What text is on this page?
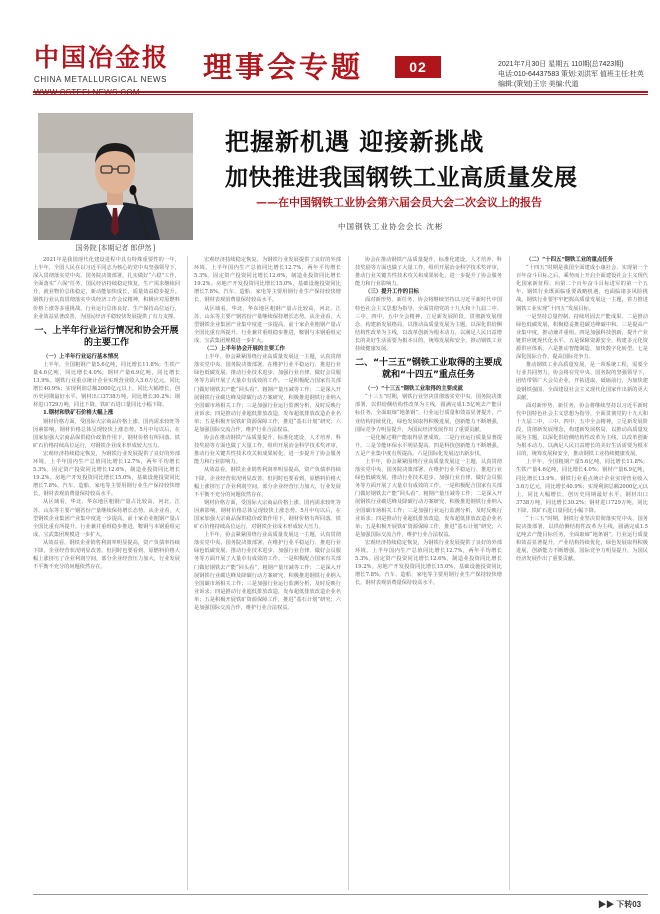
中国冶金报
CHINA METALLURGICAL NEWS	理事会专题	02	2021年7月30日 星期五 110期(总7423期)
电话:010-64437583 策划:刘洪军 值班主任:杜英
编辑:(策划)王宗 美编:代道
国务院 [本期记者 郎伊然 ]
把握新机遇 迎接新挑战
加快推进我国钢铁工业高质量发展
——在中国钢铁工业协会第六届会员大会二次会议上的报告
中国钢铁工业协会会长 沈彬

2021年是我国现代化建设进程中具有特殊重要性的一年，上半年，全国人民在以习近平同志为核心的党中央坚强领导下，深入贯彻落实党中央、国务院决策部署，扎实做好“六稳”工作，全面落实“六保”任务，国民经济持续稳定恢复，生产需求继续回升，就业物价总体稳定，新动能加快成长，质量效益稳步提升。钢铁行业认真贯彻落实中央经济工作会议精神，积极应对原燃料价格上涨等多重挑战，行业运行总体良好，生产保持高位运行，企业效益显著改善，为国民经济平稳较快发展提供了有力支撑。

一、上半年行业运行情况和协会开展的主要工作

（一）上半年行业运行基本情况

上半年，全国粗钢产量5.6亿吨，同比增长11.8%；生铁产量4.6亿吨，同比增长4.0%；钢材产量6.9亿吨，同比增长13.9%。钢铁行业重点统计企业实现营业收入3.6万亿元，同比增长40.9%；实现利润总额2000亿元以上，同比大幅增长，创历史同期最好水平。钢材出口3738万吨，同比增长30.2%；钢材进口729万吨，同比下降。铁矿石进口量同比小幅下降。

1.钢材和铁矿石价格大幅上涨

钢材价格方面，受国际大宗商品价格上涨、国内需求较旺等因素影响，钢材价格总体呈现较快上涨态势。5月中旬以后，在国家加强大宗商品保供稳价政策作用下，钢材价格有所回落。铁矿石价格持续高位运行，对钢铁企业成本形成较大压力。

宏观经济持续稳定恢复，为钢铁行业发展提供了良好的外部环境。上半年国内生产总值同比增长12.7%，两年平均增长5.3%。固定资产投资同比增长12.6%，制造业投资同比增长19.2%。房地产开发投资同比增长15.0%，基础设施投资同比增长7.8%。汽车、造船、家电等主要用钢行业生产保持较快增长，钢材表观消费量保持较高水平。

从区域看，华北、华东地区粗钢产量占比较高，河北、江苏、山东等主要产钢省份产量继续保持增长态势。从企业看，大型钢铁企业集团产业集中度进一步提高，前十家企业粗钢产量占全国比重有所提升。行业兼并重组稳步推进，鞍钢与本钢重组完成，宝武集团规模进一步扩大。

从效益看，钢铁企业销售利润率明显提高，资产负债率持续下降，企业经营状况明显改善。但同时也要看到，原燃料价格大幅上涨挤压了企业利润空间，部分企业经营压力加大，行业发展不平衡不充分的问题依然存在。

宏观经济持续稳定恢复，为钢铁行业发展提供了良好的外部环境。上半年国内生产总值同比增长12.7%，两年平均增长5.3%。固定资产投资同比增长12.6%，制造业投资同比增长19.2%。房地产开发投资同比增长15.0%，基础设施投资同比增长7.8%。汽车、造船、家电等主要用钢行业生产保持较快增长，钢材表观消费量保持较高水平。

从区域看，华北、华东地区粗钢产量占比较高，河北、江苏、山东等主要产钢省份产量继续保持增长态势。从企业看，大型钢铁企业集团产业集中度进一步提高，前十家企业粗钢产量占全国比重有所提升。行业兼并重组稳步推进，鞍钢与本钢重组完成，宝武集团规模进一步扩大。

（二）上半年协会开展的主要工作

上半年，协会紧紧围绕行业高质量发展这一主题，认真贯彻落实党中央、国务院决策部署，在维护行业平稳运行、推进行业绿色低碳发展、推动行业技术进步、加强行业自律、做好会员服务等方面开展了大量卓有成效的工作。一是积极配合国家有关部门做好钢铁去产能“回头看”、粗钢产量压减等工作；二是深入开展钢铁行业碳达峰及降碳行动方案研究，积极推进钢铁行业纳入全国碳市场相关工作；三是加强行业运行监测分析，及时反映行业诉求；四是推动行业超低排放改造，发布超低排放改造企业名单；五是积极开展铁矿资源保障工作，推进“基石计划”研究；六是加强国际交流合作，维护行业合法权益。

协会在推动钢铁产品质量提升、标准化建设、人才培养、科技奖励等方面也做了大量工作，组织开展冶金科学技术奖评审，推动行业关键共性技术攻关和成果转化，进一步提升了协会服务能力和行业影响力。

从效益看，钢铁企业销售利润率明显提高，资产负债率持续下降，企业经营状况明显改善。但同时也要看到，原燃料价格大幅上涨挤压了企业利润空间，部分企业经营压力加大，行业发展不平衡不充分的问题依然存在。

钢材价格方面，受国际大宗商品价格上涨、国内需求较旺等因素影响，钢材价格总体呈现较快上涨态势。5月中旬以后，在国家加强大宗商品保供稳价政策作用下，钢材价格有所回落。铁矿石价格持续高位运行，对钢铁企业成本形成较大压力。

上半年，协会紧紧围绕行业高质量发展这一主题，认真贯彻落实党中央、国务院决策部署，在维护行业平稳运行、推进行业绿色低碳发展、推动行业技术进步、加强行业自律、做好会员服务等方面开展了大量卓有成效的工作。一是积极配合国家有关部门做好钢铁去产能“回头看”、粗钢产量压减等工作；二是深入开展钢铁行业碳达峰及降碳行动方案研究，积极推进钢铁行业纳入全国碳市场相关工作；三是加强行业运行监测分析，及时反映行业诉求；四是推动行业超低排放改造，发布超低排放改造企业名单；五是积极开展铁矿资源保障工作，推进“基石计划”研究；六是加强国际交流合作，维护行业合法权益。

协会在推动钢铁产品质量提升、标准化建设、人才培养、科技奖励等方面也做了大量工作，组织开展冶金科学技术奖评审，推动行业关键共性技术攻关和成果转化，进一步提升了协会服务能力和行业影响力。

（三）提升工作的目标

面对新形势、新任务，协会将继续坚持以习近平新时代中国特色社会主义思想为指导，全面贯彻党的十九大和十九届二中、三中、四中、五中全会精神，立足新发展阶段，贯彻新发展理念，构建新发展格局，以推动高质量发展为主题，以深化供给侧结构性改革为主线，以改革创新为根本动力，以满足人民日益增长的美好生活需要为根本目的，统筹发展和安全，推动钢铁工业持续健康发展。

二、“十三五”钢铁工业取得的主要成就和“十四五”重点任务

（一）“十三五”钢铁工业取得的主要成就

“十三五”时期，钢铁行业坚决贯彻落实党中央、国务院决策部署，以供给侧结构性改革为主线，圆满完成1.5亿吨去产能目标任务，全面取缔“地条钢”，行业运行质量和效益显著提升，产业结构持续优化，绿色发展取得积极进展，创新能力不断增强，国际竞争力明显提升，为国民经济发展作出了重要贡献。

一是化解过剩产能取得显著成效。二是行业运行质量显著提升。三是节能环保水平明显提高。四是科技创新能力不断增强。五是产业集中度有所提高。六是国际化发展迈出新步伐。

上半年，协会紧紧围绕行业高质量发展这一主题，认真贯彻落实党中央、国务院决策部署，在维护行业平稳运行、推进行业绿色低碳发展、推动行业技术进步、加强行业自律、做好会员服务等方面开展了大量卓有成效的工作。一是积极配合国家有关部门做好钢铁去产能“回头看”、粗钢产量压减等工作；二是深入开展钢铁行业碳达峰及降碳行动方案研究，积极推进钢铁行业纳入全国碳市场相关工作；三是加强行业运行监测分析，及时反映行业诉求；四是推动行业超低排放改造，发布超低排放改造企业名单；五是积极开展铁矿资源保障工作，推进“基石计划”研究；六是加强国际交流合作，维护行业合法权益。

宏观经济持续稳定恢复，为钢铁行业发展提供了良好的外部环境。上半年国内生产总值同比增长12.7%，两年平均增长5.3%。固定资产投资同比增长12.6%，制造业投资同比增长19.2%。房地产开发投资同比增长15.0%，基础设施投资同比增长7.8%。汽车、造船、家电等主要用钢行业生产保持较快增长，钢材表观消费量保持较高水平。

（二）“十四五”钢铁工业的重点任务

“十四五”时期是我国全面建成小康社会、实现第一个百年奋斗目标之后，乘势而上开启全面建设社会主义现代化国家新征程、向第二个百年奋斗目标进军的第一个五年，钢铁行业既面临重要战略机遇，也面临诸多风险挑战。钢铁行业要牢牢把握高质量发展这一主题，着力推进钢铁工业实现“十四五”发展目标。

一是坚持总量控制，持续巩固去产能成果。二是推动绿色低碳发展，积极稳妥推进碳达峰碳中和。三是提高产业集中度，推动兼并重组。四是加强科技创新，提升产业链供应链现代化水平。五是保障资源安全，构建多元化资源供应体系。六是推动智能制造，加快数字化转型。七是深化国际合作，提高国际竞争力。

推动钢铁工业高质量发展，是一项系统工程，需要全行业共同努力。协会将在党中央、国务院的坚强领导下，团结带领广大会员企业，开拓进取、砥砺前行，为加快建设钢铁强国、全面建设社会主义现代化国家作出新的更大贡献。

面对新形势、新任务，协会将继续坚持以习近平新时代中国特色社会主义思想为指导，全面贯彻党的十九大和十九届二中、三中、四中、五中全会精神，立足新发展阶段，贯彻新发展理念，构建新发展格局，以推动高质量发展为主题，以深化供给侧结构性改革为主线，以改革创新为根本动力，以满足人民日益增长的美好生活需要为根本目的，统筹发展和安全，推动钢铁工业持续健康发展。

上半年，全国粗钢产量5.6亿吨，同比增长11.8%；生铁产量4.6亿吨，同比增长4.0%；钢材产量6.9亿吨，同比增长13.9%。钢铁行业重点统计企业实现营业收入3.6万亿元，同比增长40.9%；实现利润总额2000亿元以上，同比大幅增长，创历史同期最好水平。钢材出口3738万吨，同比增长30.2%；钢材进口729万吨，同比下降。铁矿石进口量同比小幅下降。

“十三五”时期，钢铁行业坚决贯彻落实党中央、国务院决策部署，以供给侧结构性改革为主线，圆满完成1.5亿吨去产能目标任务，全面取缔“地条钢”，行业运行质量和效益显著提升，产业结构持续优化，绿色发展取得积极进展，创新能力不断增强，国际竞争力明显提升，为国民经济发展作出了重要贡献。

▶▶ 下转03
